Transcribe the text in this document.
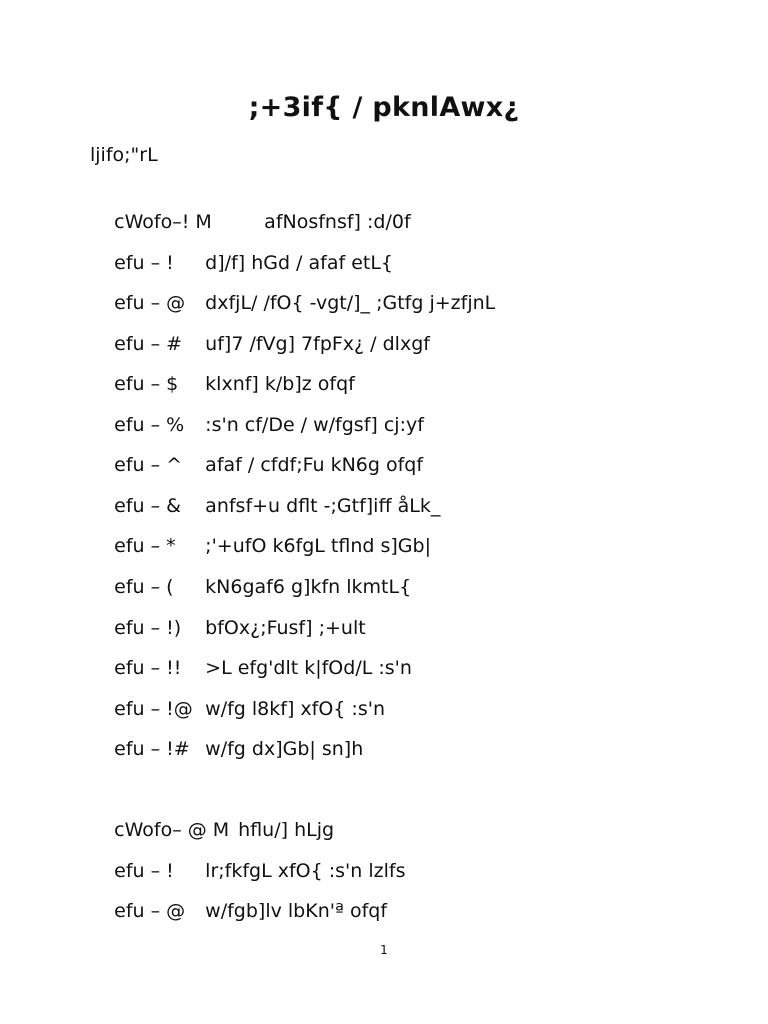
;+3if{ / pknlAwx¿
ljifo;"rL

cWofo–! M	afNosfnsf] :d/0f

efu – ! d]/f] hGd / afaf etL{

efu – @ dxfjL/ /fO{ -vgt/]_ ;Gtfg j+zfjnL

efu – # uf]7 /fVg] 7fpFx¿ / dlxgf

efu – $ klxnf] k/b]z ofqf

efu – % :s'n cf/De / w/fgsf] cj:yf

efu – ^ afaf / cfdf;Fu kN6g ofqf

efu – & anfsf+u dflt -;Gtf]iff åLk_

efu – * ;'+ufO k6fgL tflnd s]Gb|

efu – ( kN6gaf6 g]kfn lkmtL{

efu – !) bfOx¿;Fusf] ;+ult

efu – !! >L efg'dlt k|fOd/L :s'n

efu – !@ w/fg l8kf] xfO{ :s'n

efu – !# w/fg dx]Gb| sn]h

cWofo– @ M hflu/] hLjg

efu – ! lr;fkfgL xfO{ :s'n lzlfs

efu – @ w/fgb]lv lbKn'ª ofqf

1
